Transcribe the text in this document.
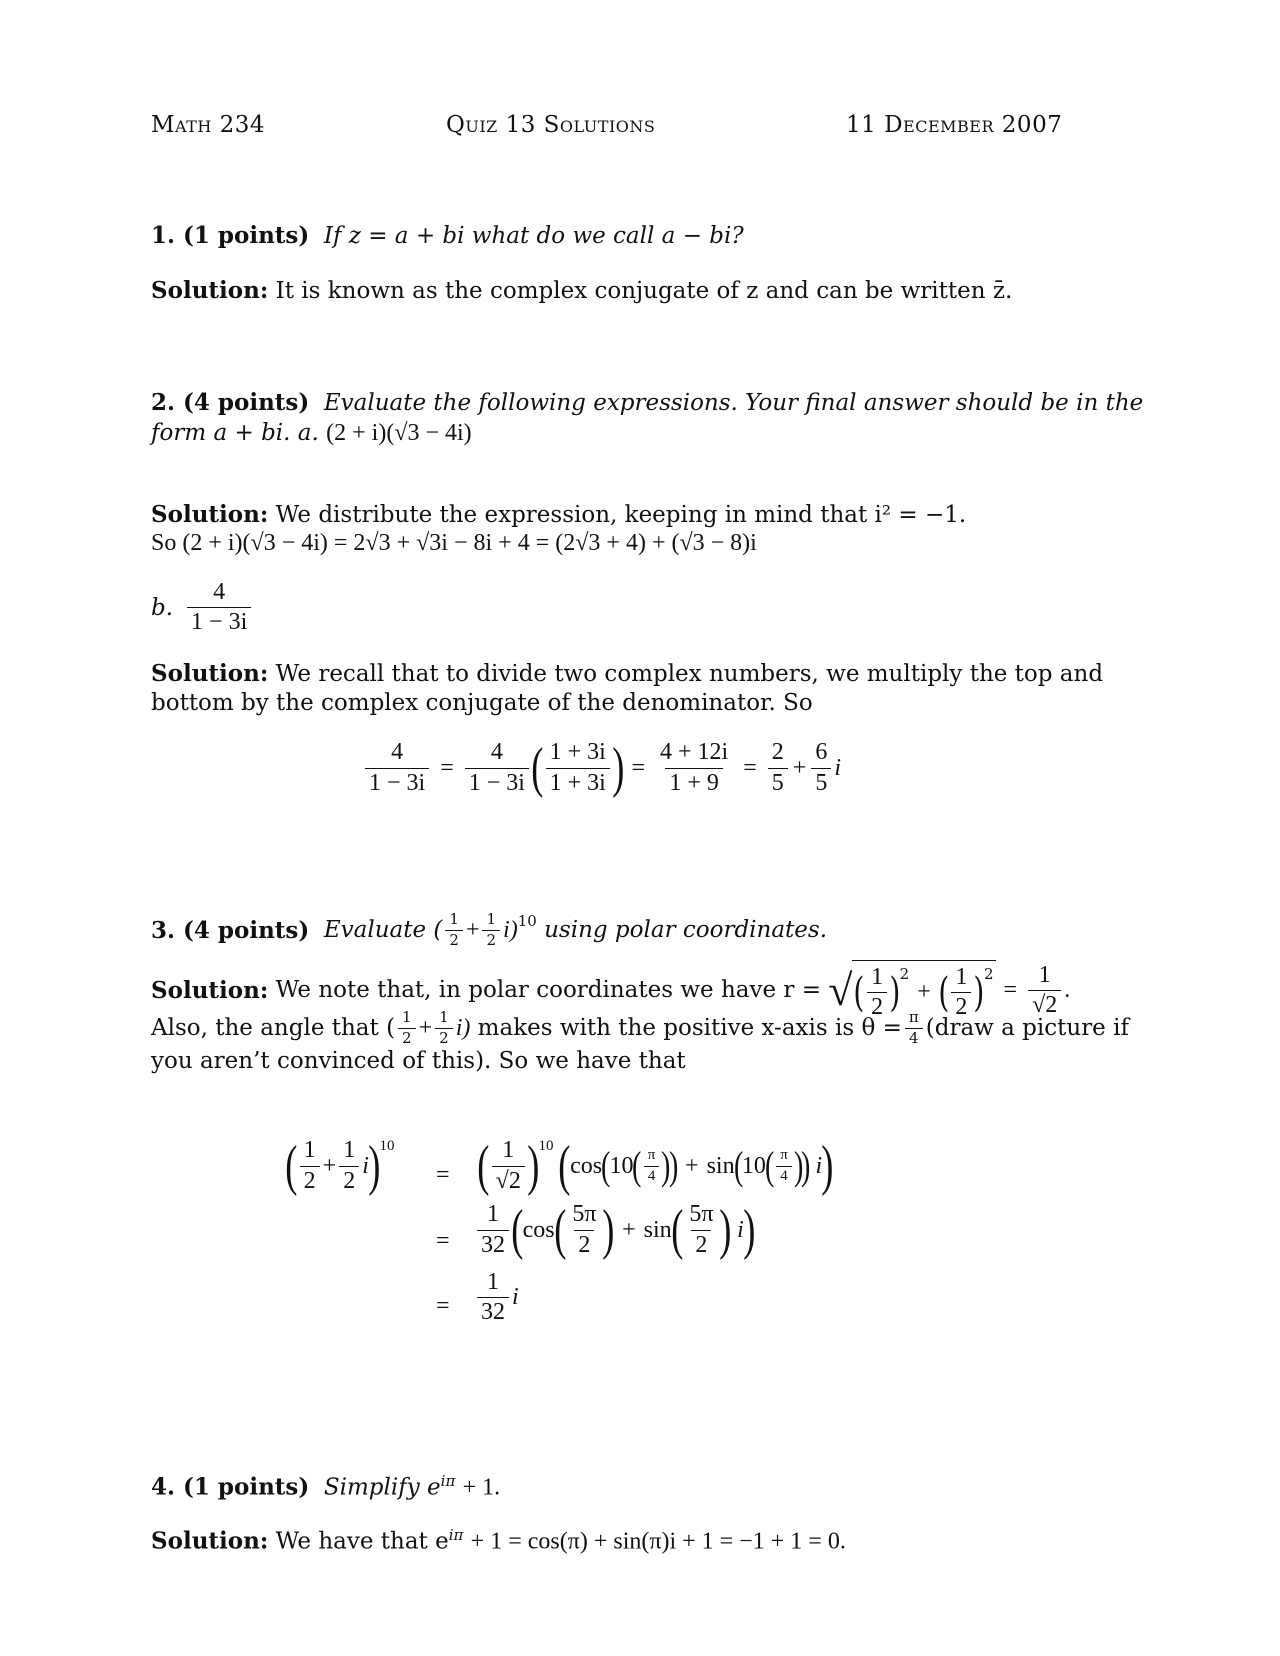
Math 234	Quiz 13 Solutions	11 December 2007
1. (1 points) If z = a + bi what do we call a − bi?
Solution: It is known as the complex conjugate of z and can be written z̄.
2. (4 points) Evaluate the following expressions. Your final answer should be in the
form a + bi. a. (2 + i)(√3 − 4i)
Solution: We distribute the expression, keeping in mind that i² = −1.
So (2 + i)(√3 − 4i) = 2√3 + √3i − 8i + 4 = (2√3 + 4) + (√3 − 8)i
b. $\frac{4}{1 - 3i}$
Solution: We recall that to divide two complex numbers, we multiply the top and
bottom by the complex conjugate of the denominator. So
$\frac{4}{1 - 3i} = \frac{4}{1 - 3i}$ ( $\frac{1 + 3i}{1 + 3i}$ ) = $\frac{4 + 12i}{1 + 9} = \frac{2}{5} + \frac{6}{5}$ i
3. (4 points)
Evaluate ( $\frac{1}{2} + \frac{1}{2} i)^{10}$
using polar coordinates.
Solution:
We note that, in polar coordinates we have r =
√ ( $\frac{1}{2} )^2$
+ ( $\frac{1}{2} )^2$
= $\frac{1}{√2}$ .
Also, the angle that ( $\frac{1}{2} + \frac{1}{2} i$)
makes with the positive x-axis is $\theta = \frac{\pi}{4}$ (draw a picture if
you aren’t convinced of this). So we have that
( $\frac{1}{2} + \frac{1}{2}$ i )$^{10}$
= ( $\frac{1}{√2} )^{10}$
( cos
(
10
( $\frac{\pi}{4}$ )
) + sin
(
10
( $\frac{\pi}{4}$ )
)
i )
= $\frac{1}{32}$ ( cos ( $\frac{5\pi}{2}$ ) + sin ( $\frac{5\pi}{2}$ ) i )
= $\frac{1}{32}$ i
4. (1 points) Simplify $e^{i\pi} + 1$.
Solution: We have that $e^{i\pi} + 1 = \cos(\pi) + \sin(\pi)i + 1 = -1 + 1 = 0$.
